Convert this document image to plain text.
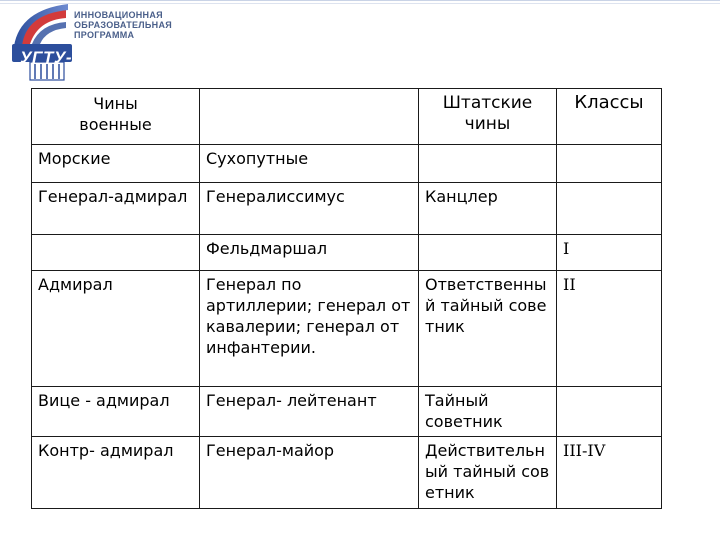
ИННОВАЦИОННАЯ
ОБРАЗОВАТЕЛЬНАЯ
ПРОГРАММА
УГТУ-УПИ
Чины военные		Штатские чины	Классы
Морские	Сухопутные		
Генерал-адмирал	Генералиссимус	Канцлер	
	Фельдмаршал		I
Адмирал	Генерал по артиллерии; генерал от кавалерии; генерал от инфантерии.	Ответственный тайный советник	II
Вице - адмирал	Генерал- лейтенант	Тайный советник	
Контр- адмирал	Генерал-майор	Действительный тайный советник	III-IV
